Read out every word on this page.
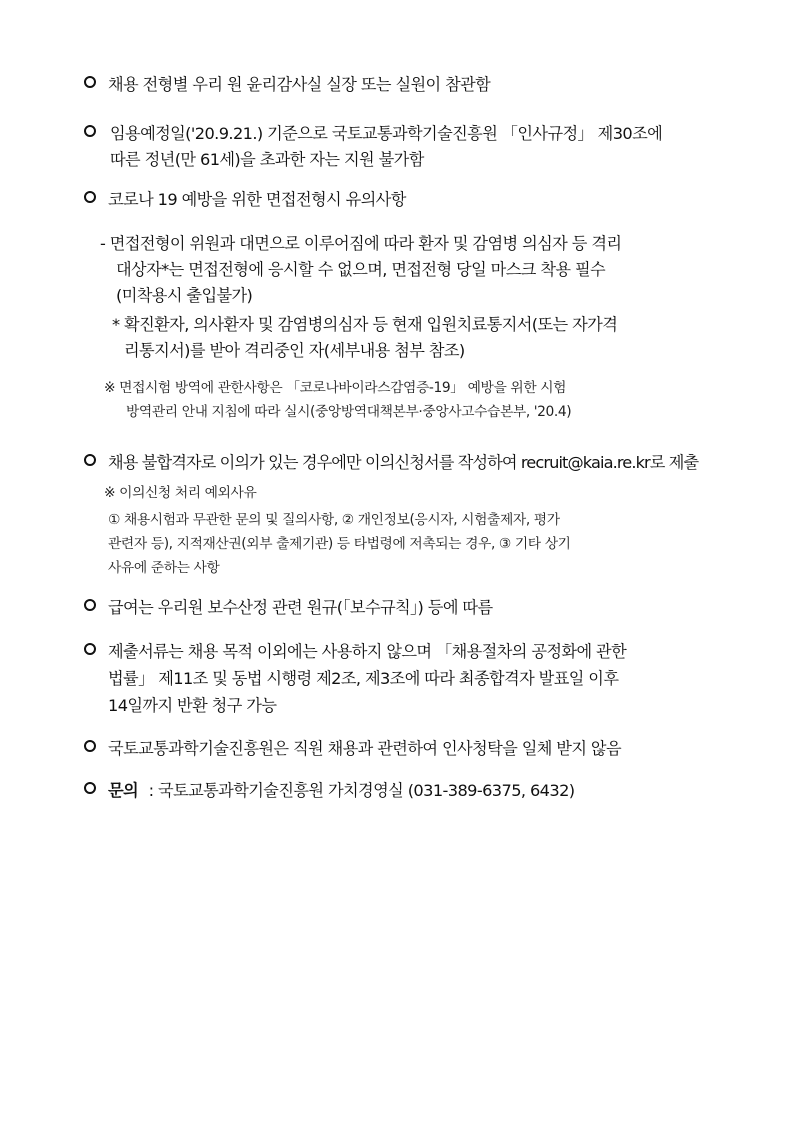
채용 전형별 우리 원 윤리감사실 실장 또는 실원이 참관함
임용예정일('20.9.21.) 기준으로 국토교통과학기술진흥원 「인사규정」 제30조에
따른 정년(만 61세)을 초과한 자는 지원 불가함
코로나 19 예방을 위한 면접전형시 유의사항
- 면접전형이 위원과 대면으로 이루어짐에 따라 환자 및 감염병 의심자 등 격리
대상자*는 면접전형에 응시할 수 없으며, 면접전형 당일 마스크 착용 필수
(미착용시 출입불가)
* 확진환자, 의사환자 및 감염병의심자 등 현재 입원치료통지서(또는 자가격
리통지서)를 받아 격리중인 자(세부내용 첨부 참조)
※ 면접시험 방역에 관한사항은 「코로나바이라스감염증-19」 예방을 위한 시험
방역관리 안내 지침에 따라 실시(중앙방역대책본부·중앙사고수습본부, '20.4)
채용 불합격자로 이의가 있는 경우에만 이의신청서를 작성하여 recruit@kaia.re.kr로 제출
※ 이의신청 처리 예외사유
① 채용시험과 무관한 문의 및 질의사항, ② 개인정보(응시자, 시험출제자, 평가
관련자 등), 지적재산권(외부 출제기관) 등 타법령에 저촉되는 경우, ③ 기타 상기
사유에 준하는 사항
급여는 우리원 보수산정 관련 원규(「보수규칙」) 등에 따름
제출서류는 채용 목적 이외에는 사용하지 않으며 「채용절차의 공정화에 관한
법률」 제11조 및 동법 시행령 제2조, 제3조에 따라 최종합격자 발표일 이후
14일까지 반환 청구 가능
국토교통과학기술진흥원은 직원 채용과 관련하여 인사청탁을 일체 받지 않음
문의 : 국토교통과학기술진흥원 가치경영실 (031-389-6375, 6432)
